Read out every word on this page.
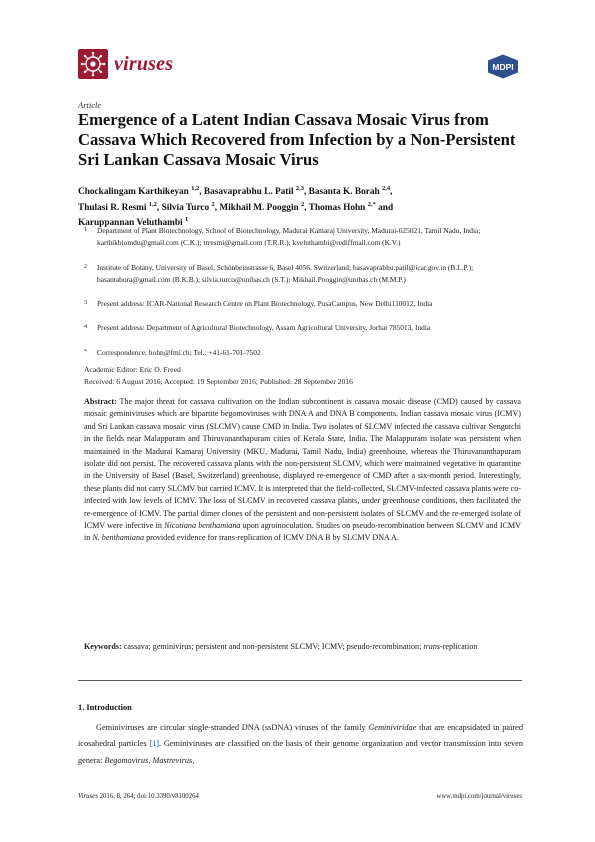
viruses	MDPI
Article
Emergence of a Latent Indian Cassava Mosaic Virus from Cassava Which Recovered from Infection by a Non-Persistent Sri Lankan Cassava Mosaic Virus
Chockalingam Karthikeyan $^{1,2}$, Basavaprabhu L. Patil $^{2,3}$, Basanta K. Borah $^{2,4}$,
Thulasi R. Resmi $^{1,2}$, Silvia Turco $^2$, Mikhail M. Pooggin $^2$, Thomas Hohn $^{2,*}$ and
Karuppannan Veluthambi $^1$
1 Department of Plant Biotechnology, School of Biotechnology, Madurai Kamaraj University, Madurai-625021, Tamil Nadu, India; karthikbiomdu@gmail.com (C.K.); trresmi@gmail.com (T.R.R.); kveluthambi@rediffmail.com (K.V.)
2 Institute of Botany, University of Basel, Schönbeinstrasse 6, Basel 4056, Switzerland; basavaprabhu.patil@icar.gov.in (B.L.P.); basantabora@gmail.com (B.K.B.); silvia.turco@unibas.ch (S.T.); Mikhail.Pooggin@unibas.ch (M.M.P.)
3 Present address: ICAR-National Research Centre on Plant Biotechnology, PusaCampus, New Delhi110012, India
4 Present address: Department of Agricultural Biotechnology, Assam Agricultural University, Jorhat 785013, India
* Correspondence: hohn@fmi.ch; Tel.: +41-61-701-7502
Academic Editor: Eric O. Freed
Received: 6 August 2016; Accepted: 19 September 2016; Published: 28 September 2016
Abstract: The major threat for cassava cultivation on the Indian subcontinent is cassava mosaic disease (CMD) caused by cassava mosaic geminiviruses which are bipartite begomoviruses with DNA A and DNA B components. Indian cassava mosaic virus (ICMV) and Sri Lankan cassava mosaic virus (SLCMV) cause CMD in India. Two isolates of SLCMV infected the cassava cultivar Sengutchi in the fields near Malappuram and Thiruvananthapuram cities of Kerala State, India. The Malappuram isolate was persistent when maintained in the Madurai Kamaraj University (MKU, Madurai, Tamil Nadu, India) greenhouse, whereas the Thiruvananthapuram isolate did not persist. The recovered cassava plants with the non-persistent SLCMV, which were maintained vegetative in quarantine in the University of Basel (Basel, Switzerland) greenhouse, displayed re-emergence of CMD after a six-month period. Interestingly, these plants did not carry SLCMV but carried ICMV. It is interpreted that the field-collected, SLCMV-infected cassava plants were co-infected with low levels of ICMV. The loss of SLCMV in recovered cassava plants, under greenhouse conditions, then facilitated the re-emergence of ICMV. The partial dimer clones of the persistent and non-persistent isolates of SLCMV and the re-emerged isolate of ICMV were infective in Nicotiana benthamiana upon agroinoculation. Studies on pseudo-recombination between SLCMV and ICMV in N. benthamiana provided evidence for trans-replication of ICMV DNA B by SLCMV DNA A.
Keywords: cassava; geminivirus; persistent and non-persistent SLCMV; ICMV; pseudo-recombination; trans-replication
1. Introduction
Geminiviruses are circular single-stranded DNA (ssDNA) viruses of the family Geminiviridae that are encapsidated in paired icosahedral particles [1]. Geminiviruses are classified on the basis of their genome organization and vector transmission into seven genera: Begomovirus, Mastrevirus,
Viruses 2016, 8, 264; doi:10.3390/v8100264	www.mdpi.com/journal/viruses
